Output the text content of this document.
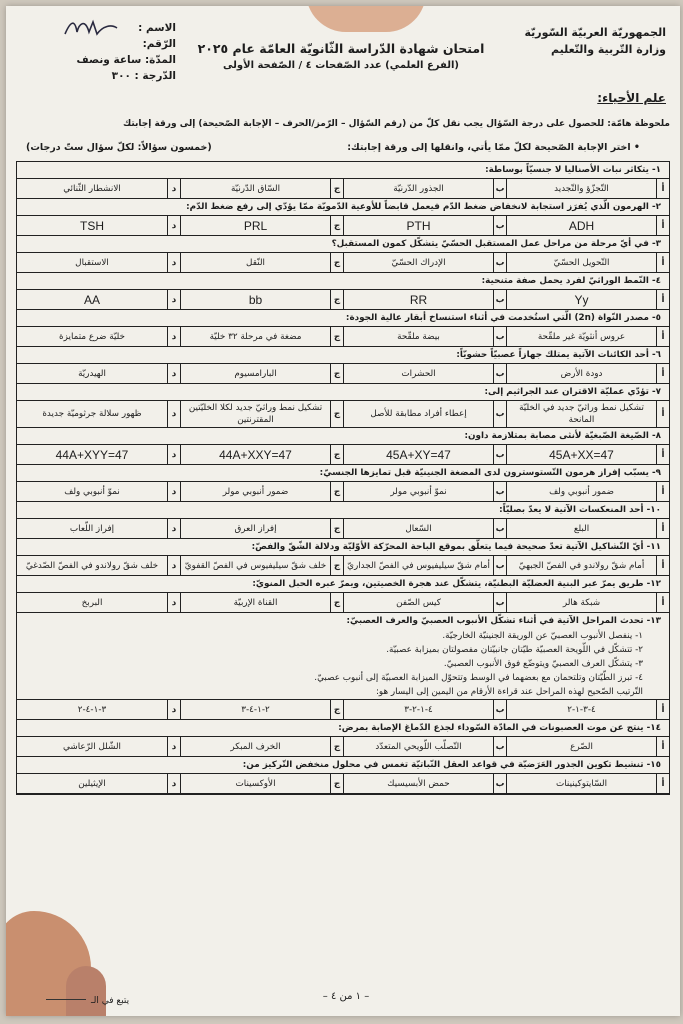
الجمهوريّة العربيّة السّوريّة
وزارة التّربية والتّعليم
امتحان شهادة الدّراسة الثّانويّة العامّة عام ٢٠٢٥
(الفرع العلمي) عدد الصّفحات ٤ / الصّفحة الأولى
الاسم :
الرّقم:
المدّة: ساعة ونصف
الدّرجة : ٣٠٠
علم الأحياء:
ملحوظة هامّة: للحصول على درجة السّؤال يجب نقل كلّ من (رقم السّؤال – الرّمز/الحرف – الإجابة الصّحيحة) إلى ورقة إجابتك
• اختر الإجابة الصّحيحة لكلّ ممّا يأتي، وانقلها إلى ورقة إجابتك:
(خمسون سؤالاً: لكلّ سؤال ستّ درجات)
١- يتكاثر نبات الأصناليا لا جنسيّاً بوساطة:
أ
التّجزّؤ والتّجديد
ب
الجذور الدّرنيّة
ج
السّاق الدّرنيّة
د
الانشطار الثّنائي
٢- الهرمون الّذي يُفرَز استجابة لانخفاض ضغط الدّم فيعمل قابضاً للأوعية الدّمويّة ممّا يؤدّي إلى رفع ضغط الدّم:
أ
ADH
ب
PTH
ج
PRL
د
TSH
٣- في أيّ مرحلة من مراحل عمل المستقبل الحسّيّ يتشكّل كمون المستقبل؟
أ
التّحويل الحسّيّ
ب
الإدراك الحسّيّ
ج
النّقل
د
الاستقبال
٤- النّمط الوراثيّ لفرد يحمل صفة متنحية:
أ
Yy
ب
RR
ج
bb
د
AA
٥- مصدر النّواة (2n) الّتي استُخدمت في أثناء استنساخ أبقار عالية الجودة:
أ
عروس أنثويّة غير ملقّحة
ب
بيضة ملقّحة
ج
مضغة في مرحلة ٣٢ خليّة
د
خليّة ضرع متمايزة
٦- أحد الكائنات الآتية يمتلك جهازاً عصبيّاً حشويّاً:
أ
دودة الأرض
ب
الحشرات
ج
البارامسيوم
د
الهيدريّة
٧- تؤدّي عمليّة الاقتران عند الجراثيم إلى:
أ
تشكيل نمط وراثيّ جديد في الخليّة المانحة
ب
إعطاء أفراد مطابقة للأصل
ج
تشكيل نمط وراثيّ جديد لكلا الخليّتين المقترنتين
د
ظهور سلالة جرثوميّة جديدة
٨- الصّيغة الصّبغيّة لأنثى مصابة بمتلازمة داون:
أ
45A+XX=47
ب
45A+XY=47
ج
44A+XXY=47
د
44A+XYY=47
٩- يسبّب إفراز هرمون التّستوسترون لدى المضغة الجنينيّة قبل تمايزها الجنسيّ:
أ
ضمور أنبوبي ولف
ب
نموّ أنبوبي مولر
ج
ضمور أنبوبي مولر
د
نموّ أنبوبي ولف
١٠- أحد المنعكسات الآتية لا يعدّ بصليّاً:
أ
البلع
ب
السّعال
ج
إفراز العرق
د
إفراز اللّعاب
١١- أيّ التّشاكيل الآتية تعدّ صحيحة فيما يتعلّق بموقع الباحة المحرّكة الأوّليّة ودلالة الشّقّ والفصّ:
أ
أمام شقّ رولاندو في الفصّ الجبهيّ
ب
أمام شقّ سيليفيوس في الفصّ الجداريّ
ج
خلف شقّ سيليفيوس في الفصّ القفويّ
د
خلف شقّ رولاندو في الفصّ الصّدغيّ
١٢- طريق يمرّ عبر البنية العضليّة البطنيّة، يتشكّل عند هجرة الخصيتين، ويمرّ عبره الحبل المنويّ:
أ
شبكة هالر
ب
كيس الصّفن
ج
القناة الإربيّة
د
البربخ
١٣- تحدث المراحل الآتية في أثناء تشكّل الأنبوب العصبيّ والعرف العصبيّ:
١- ينفصل الأنبوب العصبيّ عن الوريقة الجنينيّة الخارجيّة.
٢- تتشكّل في اللّويحة العصبيّة طيّتان جانبيّتان مفصولتان بميزابة عصبيّة.
٣- يتشكّل العرف العصبيّ ويتوضّع فوق الأنبوب العصبيّ.
٤- تبرز الطّيّتان وتلتحمان مع بعضهما في الوسط وتتحوّل الميزابة العصبيّة إلى أنبوب عصبيّ.
التّرتيب الصّحيح لهذه المراحل عند قراءة الأرقام من اليمين إلى اليسار هو:
أ
٤-٣-١-٢
ب
٤-١-٢-٣
ج
٢-١-٤-٣
د
٣-١-٤-٢
١٤- ينتج عن موت العصبونات في المادّة السّوداء لجذع الدّماغ الإصابة بمرض:
أ
الصّرع
ب
التّصلّب اللّويحي المتعدّد
ج
الخرف المبكر
د
الشّلل الرّعاشي
١٥- تنشيط تكوين الجذور العَرَضيّة في قواعد العقل النّباتيّة تغمس في محلول منخفض التّركيز من:
أ
السّايتوكينينات
ب
حمض الأبسيسيك
ج
الأوكسينات
د
الإيثيلين
يتبع في الـ	– ١ من ٤ –
